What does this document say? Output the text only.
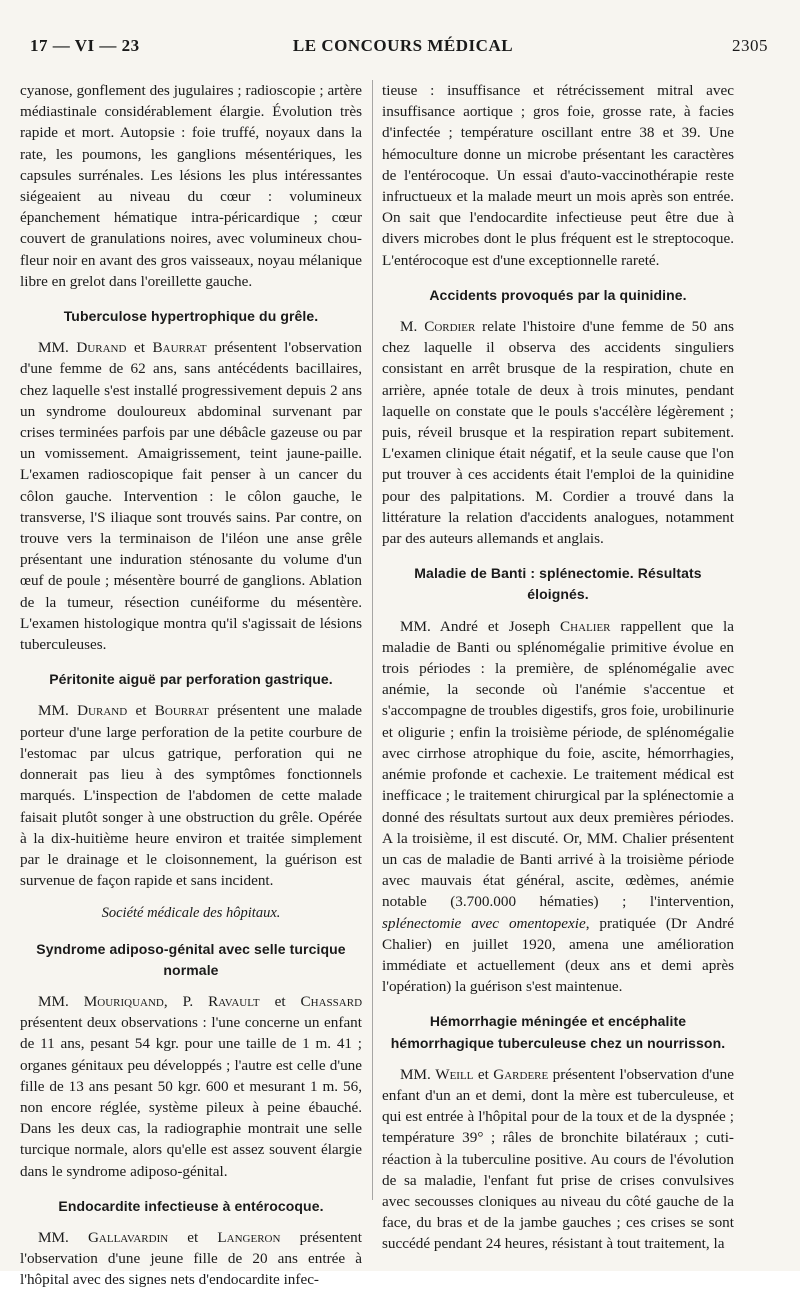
17 — VI — 23	LE CONCOURS MÉDICAL	2305

cyanose, gonflement des jugulaires ; radioscopie ; artère médiastinale considérablement élargie. Évolution très rapide et mort. Autopsie : foie truffé, noyaux dans la rate, les poumons, les ganglions mésentériques, les capsules surrénales. Les lésions les plus intéressantes siégeaient au niveau du cœur : volumineux épanchement hématique intra-péricardique ; cœur couvert de granulations noires, avec volumineux chou-fleur noir en avant des gros vaisseaux, noyau mélanique libre en grelot dans l'oreillette gauche.

Tuberculose hypertrophique du grêle.

MM. Durand et Baurrat présentent l'observation d'une femme de 62 ans, sans antécédents bacillaires, chez laquelle s'est installé progressivement depuis 2 ans un syndrome douloureux abdominal survenant par crises terminées parfois par une débâcle gazeuse ou par un vomissement. Amaigrissement, teint jaune-paille. L'examen radioscopique fait penser à un cancer du côlon gauche. Intervention : le côlon gauche, le transverse, l'S iliaque sont trouvés sains. Par contre, on trouve vers la terminaison de l'iléon une anse grêle présentant une induration sténosante du volume d'un œuf de poule ; mésentère bourré de ganglions. Ablation de la tumeur, résection cunéiforme du mésentère. L'examen histologique montra qu'il s'agissait de lésions tuberculeuses.

Péritonite aiguë par perforation gastrique.

MM. Durand et Bourrat présentent une malade porteur d'une large perforation de la petite courbure de l'estomac par ulcus gatrique, perforation qui ne donnerait pas lieu à des symptômes fonctionnels marqués. L'inspection de l'abdomen de cette malade faisait plutôt songer à une obstruction du grêle. Opérée à la dix-huitième heure environ et traitée simplement par le drainage et le cloisonnement, la guérison est survenue de façon rapide et sans incident.

Société médicale des hôpitaux.
Syndrome adiposo-génital avec selle turcique normale

MM. Mouriquand, P. Ravault et Chassard présentent deux observations : l'une concerne un enfant de 11 ans, pesant 54 kgr. pour une taille de 1 m. 41 ; organes génitaux peu développés ; l'autre est celle d'une fille de 13 ans pesant 50 kgr. 600 et mesurant 1 m. 56, non encore réglée, système pileux à peine ébauché. Dans les deux cas, la radiographie montrait une selle turcique normale, alors qu'elle est assez souvent élargie dans le syndrome adiposo-génital.

Endocardite infectieuse à entérocoque.

MM. Gallavardin et Langeron présentent l'observation d'une jeune fille de 20 ans entrée à l'hôpital avec des signes nets d'endocardite infec-

tieuse : insuffisance et rétrécissement mitral avec insuffisance aortique ; gros foie, grosse rate, à facies d'infectée ; température oscillant entre 38 et 39. Une hémoculture donne un microbe présentant les caractères de l'entérocoque. Un essai d'auto-vaccinothérapie reste infructueux et la malade meurt un mois après son entrée. On sait que l'endocardite infectieuse peut être due à divers microbes dont le plus fréquent est le streptocoque. L'entérocoque est d'une exceptionnelle rareté.

Accidents provoqués par la quinidine.

M. Cordier relate l'histoire d'une femme de 50 ans chez laquelle il observa des accidents singuliers consistant en arrêt brusque de la respiration, chute en arrière, apnée totale de deux à trois minutes, pendant laquelle on constate que le pouls s'accélère légèrement ; puis, réveil brusque et la respiration repart subitement. L'examen clinique était négatif, et la seule cause que l'on put trouver à ces accidents était l'emploi de la quinidine pour des palpitations. M. Cordier a trouvé dans la littérature la relation d'accidents analogues, notamment par des auteurs allemands et anglais.

Maladie de Banti : splénectomie. Résultats éloignés.

MM. André et Joseph Chalier rappellent que la maladie de Banti ou splénomégalie primitive évolue en trois périodes : la première, de splénomégalie avec anémie, la seconde où l'anémie s'accentue et s'accompagne de troubles digestifs, gros foie, urobilinurie et oligurie ; enfin la troisième période, de splénomégalie avec cirrhose atrophique du foie, ascite, hémorrhagies, anémie profonde et cachexie. Le traitement médical est inefficace ; le traitement chirurgical par la splénectomie a donné des résultats surtout aux deux premières périodes. A la troisième, il est discuté. Or, MM. Chalier présentent un cas de maladie de Banti arrivé à la troisième période avec mauvais état général, ascite, œdèmes, anémie notable (3.700.000 hématies) ; l'intervention, splénectomie avec omentopexie, pratiquée (Dr André Chalier) en juillet 1920, amena une amélioration immédiate et actuellement (deux ans et demi après l'opération) la guérison s'est maintenue.

Hémorrhagie méningée et encéphalite hémorrhagique tuberculeuse chez un nourrisson.

MM. Weill et Gardere présentent l'observation d'une enfant d'un an et demi, dont la mère est tuberculeuse, et qui est entrée à l'hôpital pour de la toux et de la dyspnée ; température 39° ; râles de bronchite bilatéraux ; cuti-réaction à la tuberculine positive. Au cours de l'évolution de sa maladie, l'enfant fut prise de crises convulsives avec secousses cloniques au niveau du côté gauche de la face, du bras et de la jambe gauches ; ces crises se sont succédé pendant 24 heures, résistant à tout traitement, la
